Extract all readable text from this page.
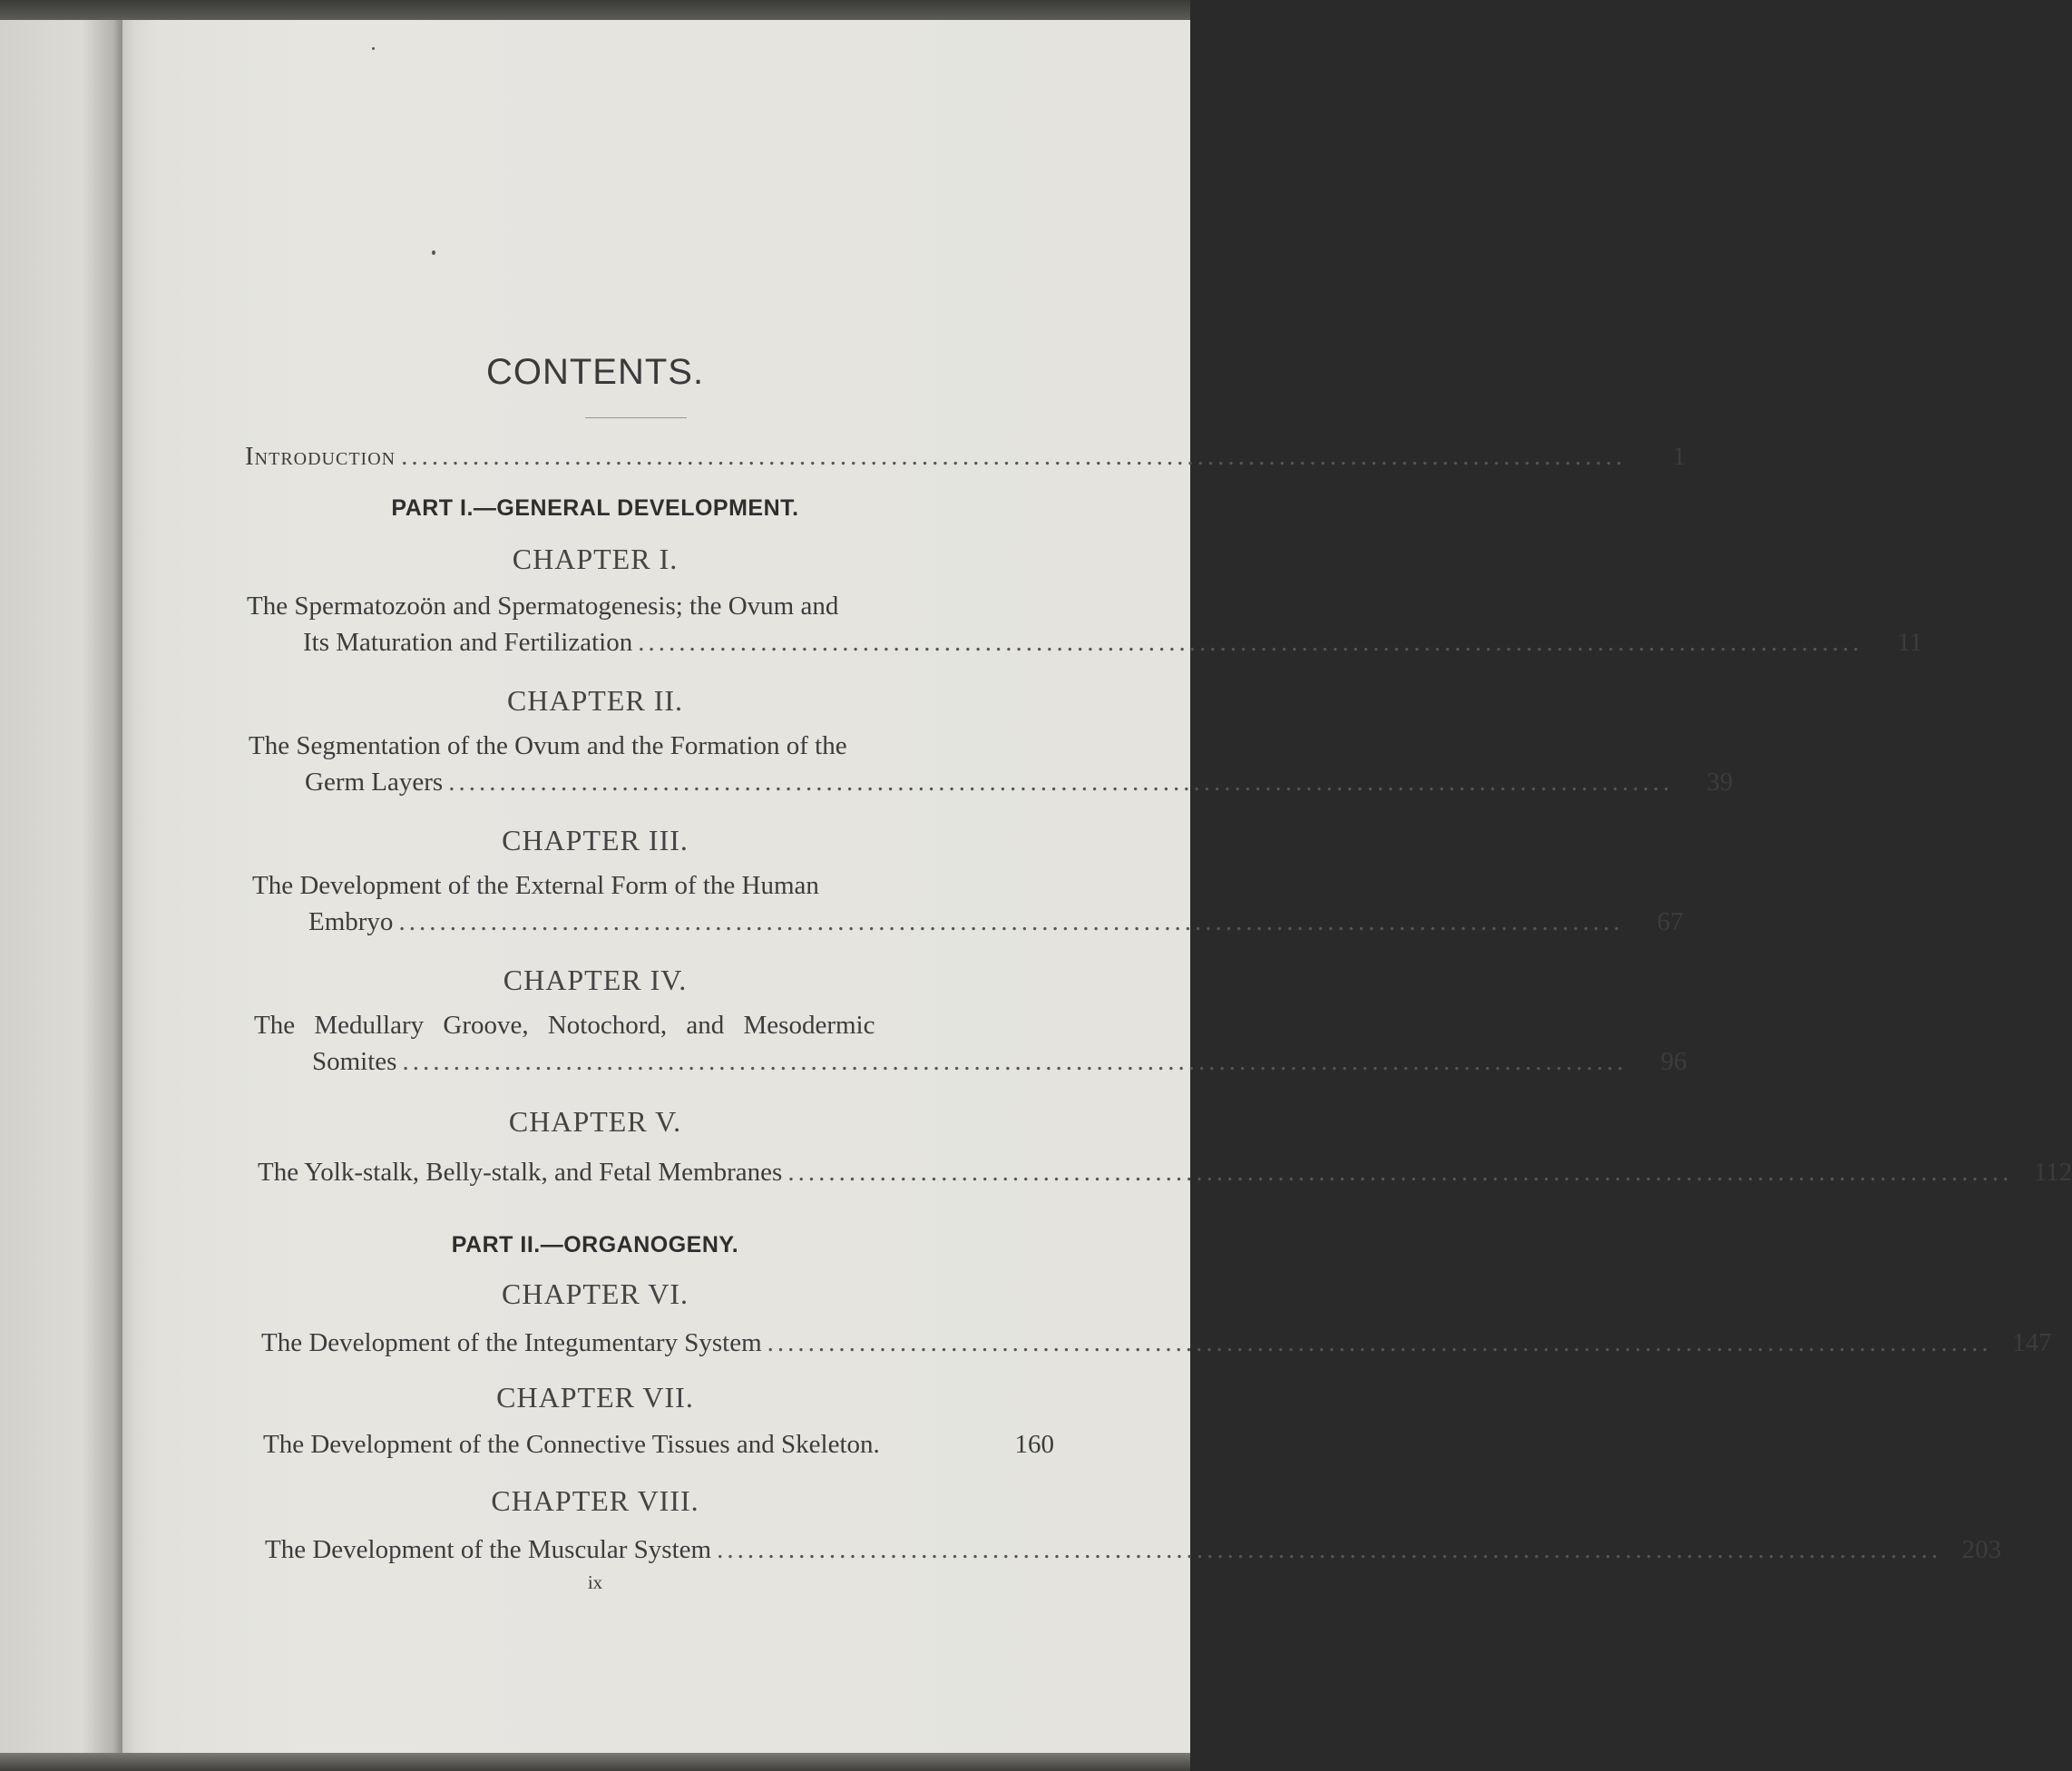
CONTENTS.
Introduction ........................................................................................................................	1
PART I.—GENERAL DEVELOPMENT.
CHAPTER I.
The Spermatozoön and Spermatogenesis; the Ovum and
Its Maturation and Fertilization ........................................................................................................................	11
CHAPTER II.
The Segmentation of the Ovum and the Formation of the
Germ Layers ........................................................................................................................	39
CHAPTER III.
The Development of the External Form of the Human
Embryo ........................................................................................................................	67
CHAPTER IV.
The Medullary Groove, Notochord, and Mesodermic
Somites ........................................................................................................................	96
CHAPTER V.
The Yolk-stalk, Belly-stalk, and Fetal Membranes ........................................................................................................................ 112
PART II.—ORGANOGENY.
CHAPTER VI.
The Development of the Integumentary System ........................................................................................................................ 147
CHAPTER VII.
The Development of the Connective Tissues and Skeleton.	160
CHAPTER VIII.
The Development of the Muscular System ........................................................................................................................ 203
ix
